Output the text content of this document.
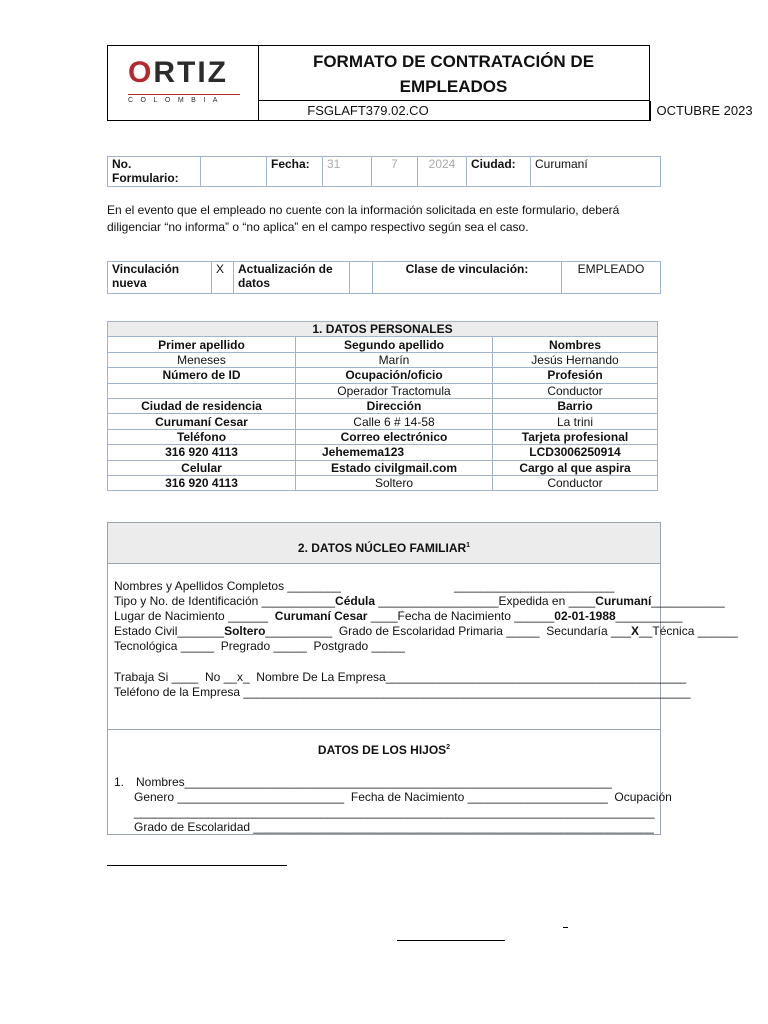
ORTIZ
COLOMBIA
FORMATO DE CONTRATACIÓN DE EMPLEADOS
FSGLAFT379.02.CO	OCTUBRE 2023
No. Formulario:		Fecha:	31	7	2024	Ciudad:	Curumaní
En el evento que el empleado no cuente con la información solicitada en este formulario, deberá diligenciar “no informa” o “no aplica” en el campo respectivo según sea el caso.
Vinculación nueva	X	Actualización de datos		Clase de vinculación:	EMPLEADO
1. DATOS PERSONALES		
Primer apellido	Segundo apellido	Nombres
Meneses	Marín	Jesús Hernando
Número de ID	Ocupación/oficio	Profesión
	Operador Tractomula	Conductor
Ciudad de residencia	Dirección	Barrio
Curumaní Cesar	Calle 6 # 14-58	La trini
Teléfono	Correo electrónico	Tarjeta profesional
316 920 4113	Jehemema123	LCD3006250914
Celular	Estado civilgmail.com	Cargo al que aspira
316 920 4113	Soltero	Conductor
2. DATOS NÚCLEO FAMILIAR$^1$
Nombres y Apellidos Completos ________                                  ________________________
Tipo y No. de Identificación ___________Cédula __________________Expedida en ____Curumaní___________
Lugar de Nacimiento ______  Curumaní Cesar ____Fecha de Nacimiento ______02-01-1988__________
Estado Civil_______Soltero__________  Grado de Escolaridad Primaria _____  Secundaría ___X__Técnica ______
Tecnológica _____  Pregrado _____  Postgrado _____
Trabaja Si ____  No __x_  Nombre De La Empresa_____________________________________________
Teléfono de la Empresa ___________________________________________________________________
DATOS DE LOS HIJOS$^2$
1. Nombres________________________________________________________________
Genero _________________________  Fecha de Nacimiento _____________________  Ocupación
______________________________________________________________________________
Grado de Escolaridad ____________________________________________________________
